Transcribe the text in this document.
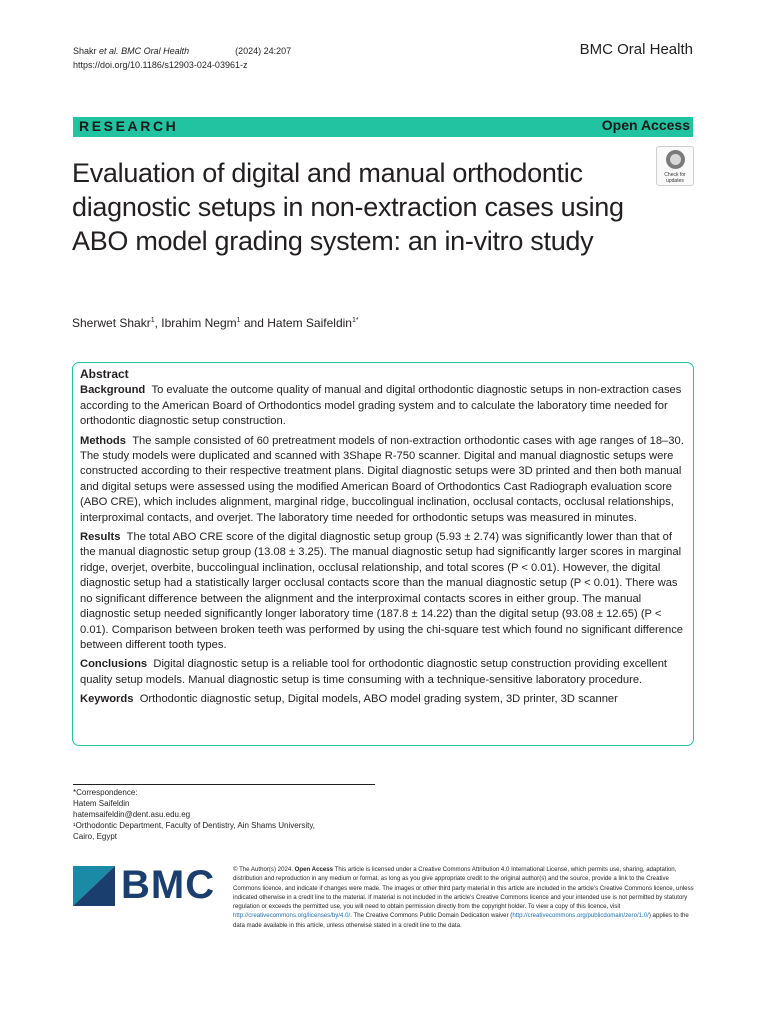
Shakr et al. BMC Oral Health	(2024) 24:207
https://doi.org/10.1186/s12903-024-03961-z
BMC Oral Health
RESEARCH	Open Access
Evaluation of digital and manual orthodontic diagnostic setups in non-extraction cases using ABO model grading system: an in-vitro study
Check for
updates
Sherwet Shakr$^1$, Ibrahim Negm$^1$ and Hatem Saifeldin$^{1*}$
Abstract

Background To evaluate the outcome quality of manual and digital orthodontic diagnostic setups in non-extraction cases according to the American Board of Orthodontics model grading system and to calculate the laboratory time needed for orthodontic diagnostic setup construction.

Methods The sample consisted of 60 pretreatment models of non-extraction orthodontic cases with age ranges of 18–30. The study models were duplicated and scanned with 3Shape R-750 scanner. Digital and manual diagnostic setups were constructed according to their respective treatment plans. Digital diagnostic setups were 3D printed and then both manual and digital setups were assessed using the modified American Board of Orthodontics Cast Radiograph evaluation score (ABO CRE), which includes alignment, marginal ridge, buccolingual inclination, occlusal contacts, occlusal relationships, interproximal contacts, and overjet. The laboratory time needed for orthodontic setups was measured in minutes.

Results The total ABO CRE score of the digital diagnostic setup group (5.93 ± 2.74) was significantly lower than that of the manual diagnostic setup group (13.08 ± 3.25). The manual diagnostic setup had significantly larger scores in marginal ridge, overjet, overbite, buccolingual inclination, occlusal relationship, and total scores (P < 0.01). However, the digital diagnostic setup had a statistically larger occlusal contacts score than the manual diagnostic setup (P < 0.01). There was no significant difference between the alignment and the interproximal contacts scores in either group. The manual diagnostic setup needed significantly longer laboratory time (187.8 ± 14.22) than the digital setup (93.08 ± 12.65) (P < 0.01). Comparison between broken teeth was performed by using the chi-square test which found no significant difference between different tooth types.

Conclusions Digital diagnostic setup is a reliable tool for orthodontic diagnostic setup construction providing excellent quality setup models. Manual diagnostic setup is time consuming with a technique-sensitive laboratory procedure.

Keywords Orthodontic diagnostic setup, Digital models, ABO model grading system, 3D printer, 3D scanner

*Correspondence:
Hatem Saifeldin
hatemsaifeldin@dent.asu.edu.eg
¹Orthodontic Department, Faculty of Dentistry, Ain Shams University,
Cairo, Egypt
BMC	© The Author(s) 2024. Open Access This article is licensed under a Creative Commons Attribution 4.0 International License, which permits use, sharing, adaptation, distribution and reproduction in any medium or format, as long as you give appropriate credit to the original author(s) and the source, provide a link to the Creative Commons licence, and indicate if changes were made. The images or other third party material in this article are included in the article's Creative Commons licence, unless indicated otherwise in a credit line to the material. If material is not included in the article's Creative Commons licence and your intended use is not permitted by statutory regulation or exceeds the permitted use, you will need to obtain permission directly from the copyright holder. To view a copy of this licence, visit http://creativecommons.org/licenses/by/4.0/. The Creative Commons Public Domain Dedication waiver (http://creativecommons.org/publicdomain/zero/1.0/) applies to the data made available in this article, unless otherwise stated in a credit line to the data.
